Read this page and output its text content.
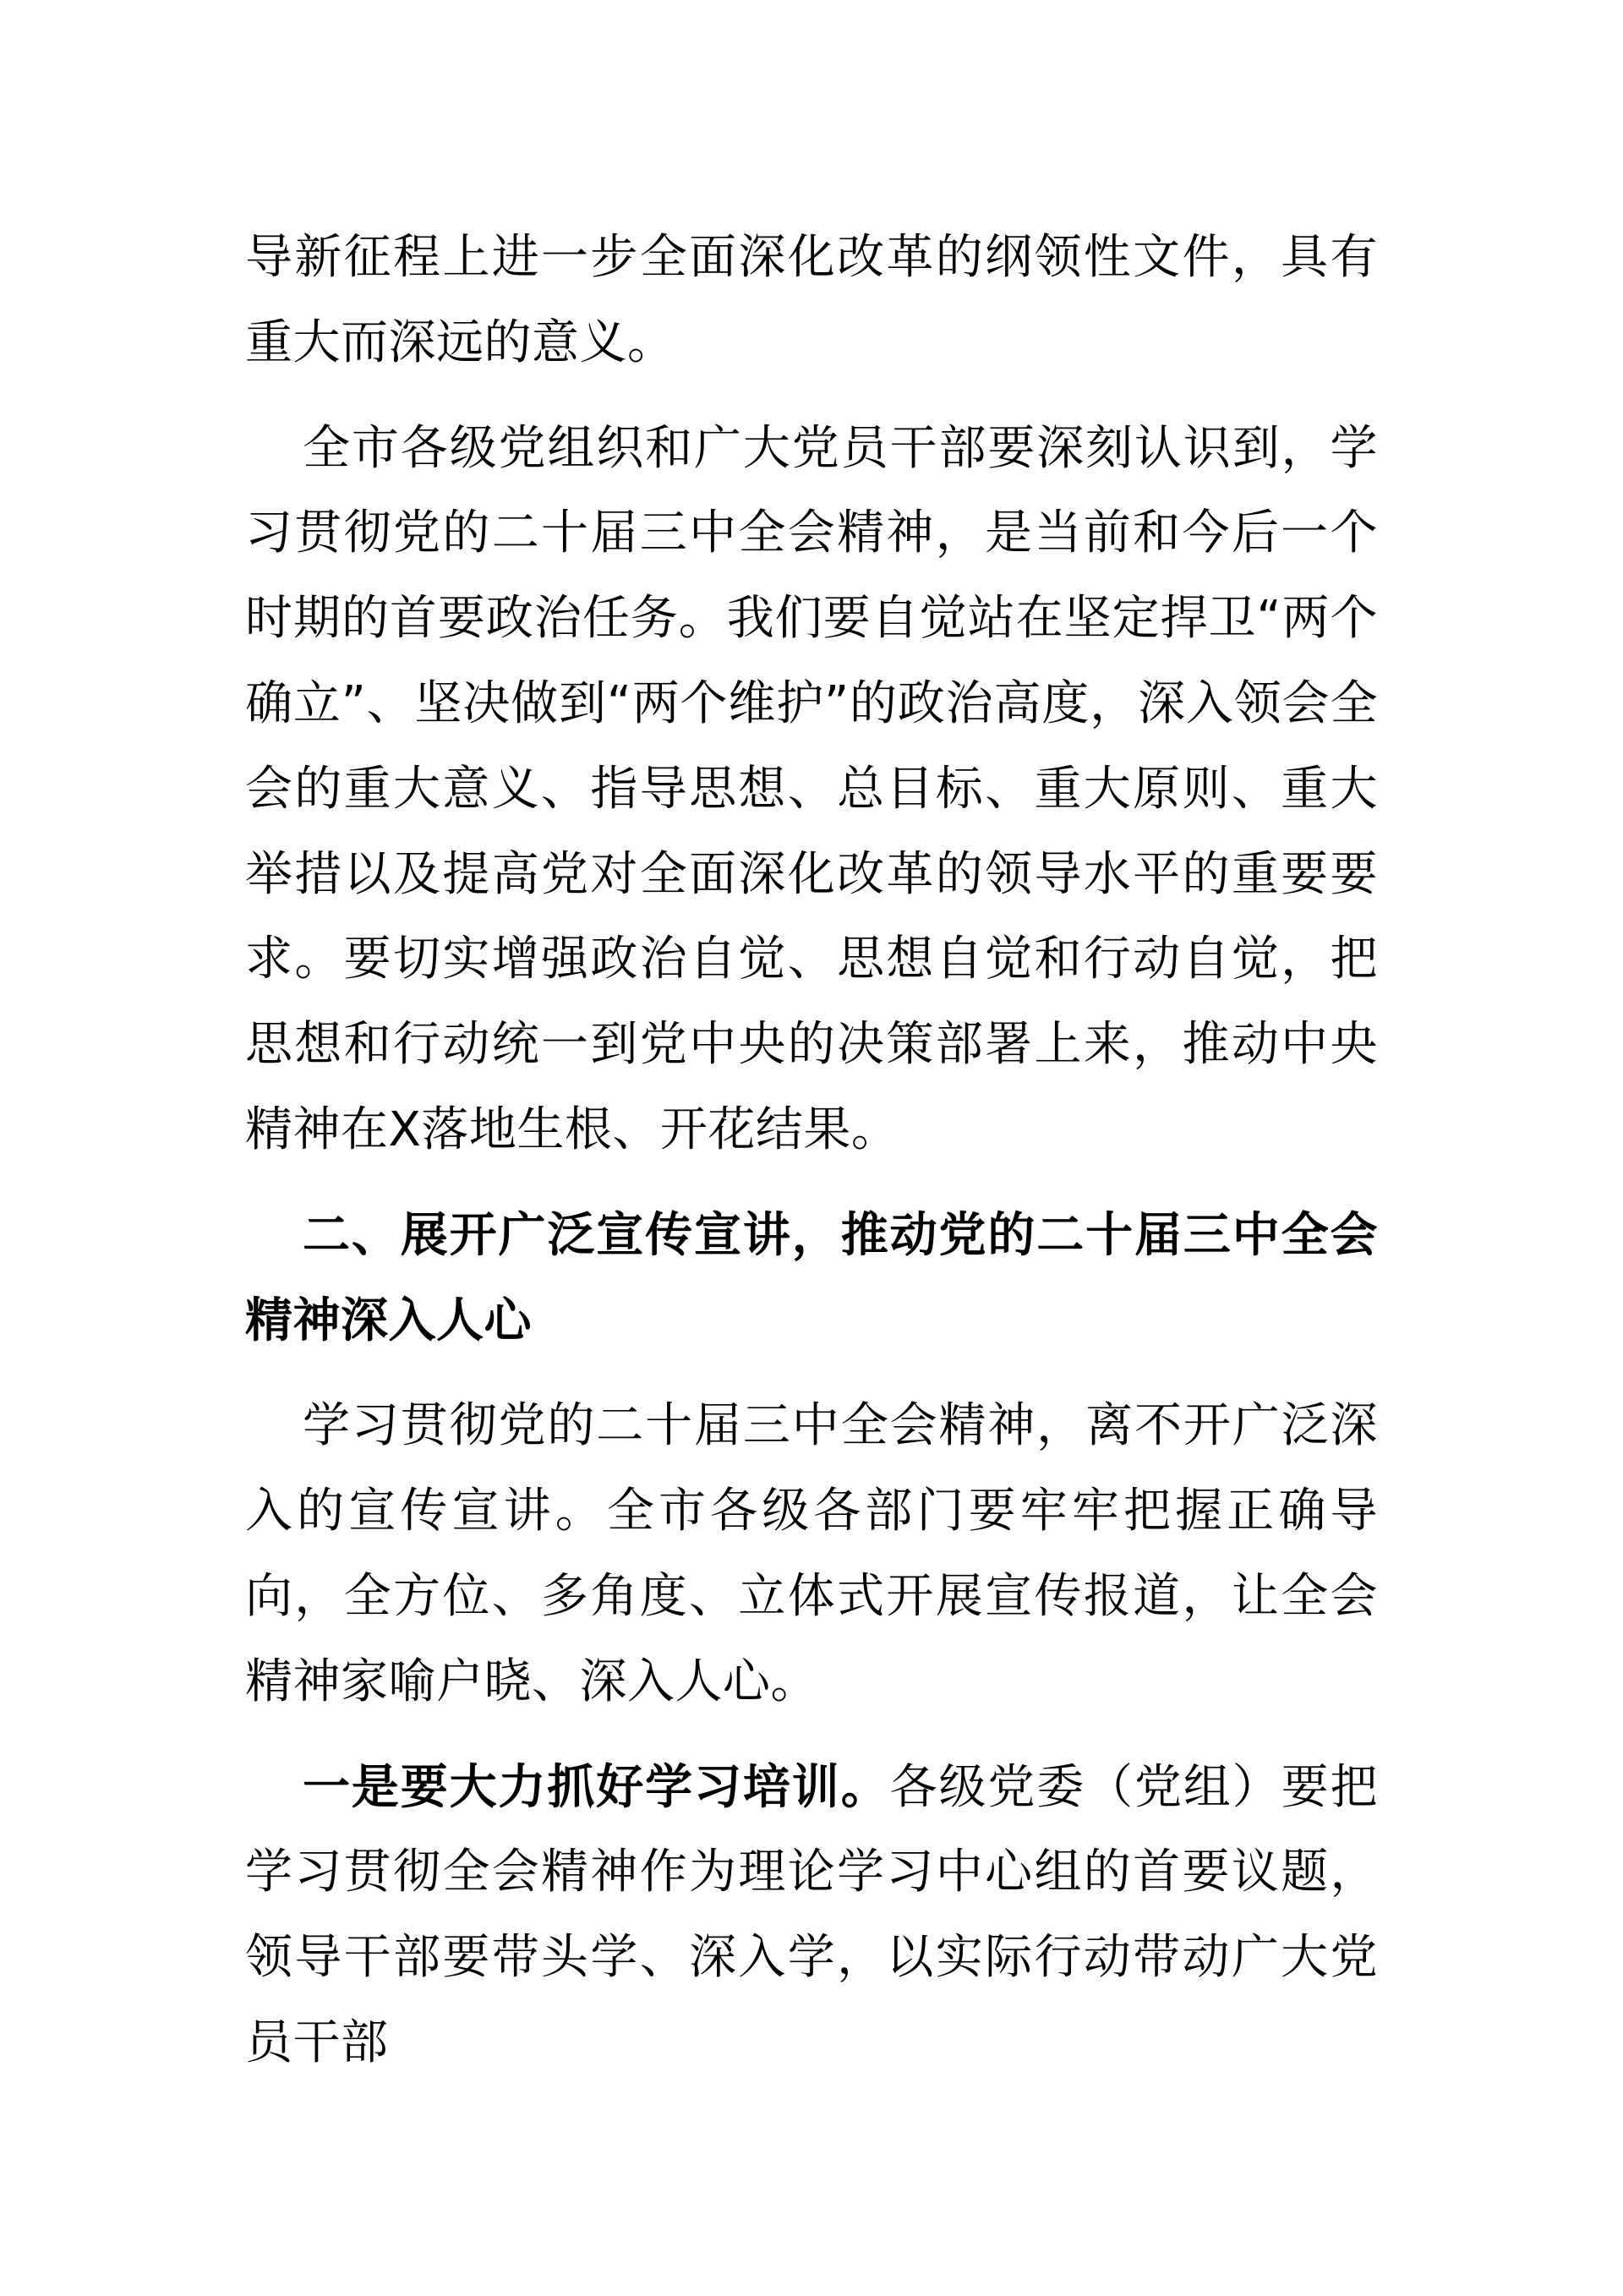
导新征程上进一步全面深化改革的纲领性文件，具有重大而深远的意义。

全市各级党组织和广大党员干部要深刻认识到，学习贯彻党的二十届三中全会精神，是当前和今后一个时期的首要政治任务。我们要自觉站在坚定捍卫“两个确立”、坚决做到“两个维护”的政治高度，深入领会全会的重大意义、指导思想、总目标、重大原则、重大举措以及提高党对全面深化改革的领导水平的重要要求。要切实增强政治自觉、思想自觉和行动自觉，把思想和行动统一到党中央的决策部署上来，推动中央精神在X落地生根、开花结果。

二、展开广泛宣传宣讲，推动党的二十届三中全会精神深入人心

学习贯彻党的二十届三中全会精神，离不开广泛深入的宣传宣讲。全市各级各部门要牢牢把握正确导向，全方位、多角度、立体式开展宣传报道，让全会精神家喻户晓、深入人心。

一是要大力抓好学习培训。各级党委（党组）要把学习贯彻全会精神作为理论学习中心组的首要议题，领导干部要带头学、深入学，以实际行动带动广大党员干部
